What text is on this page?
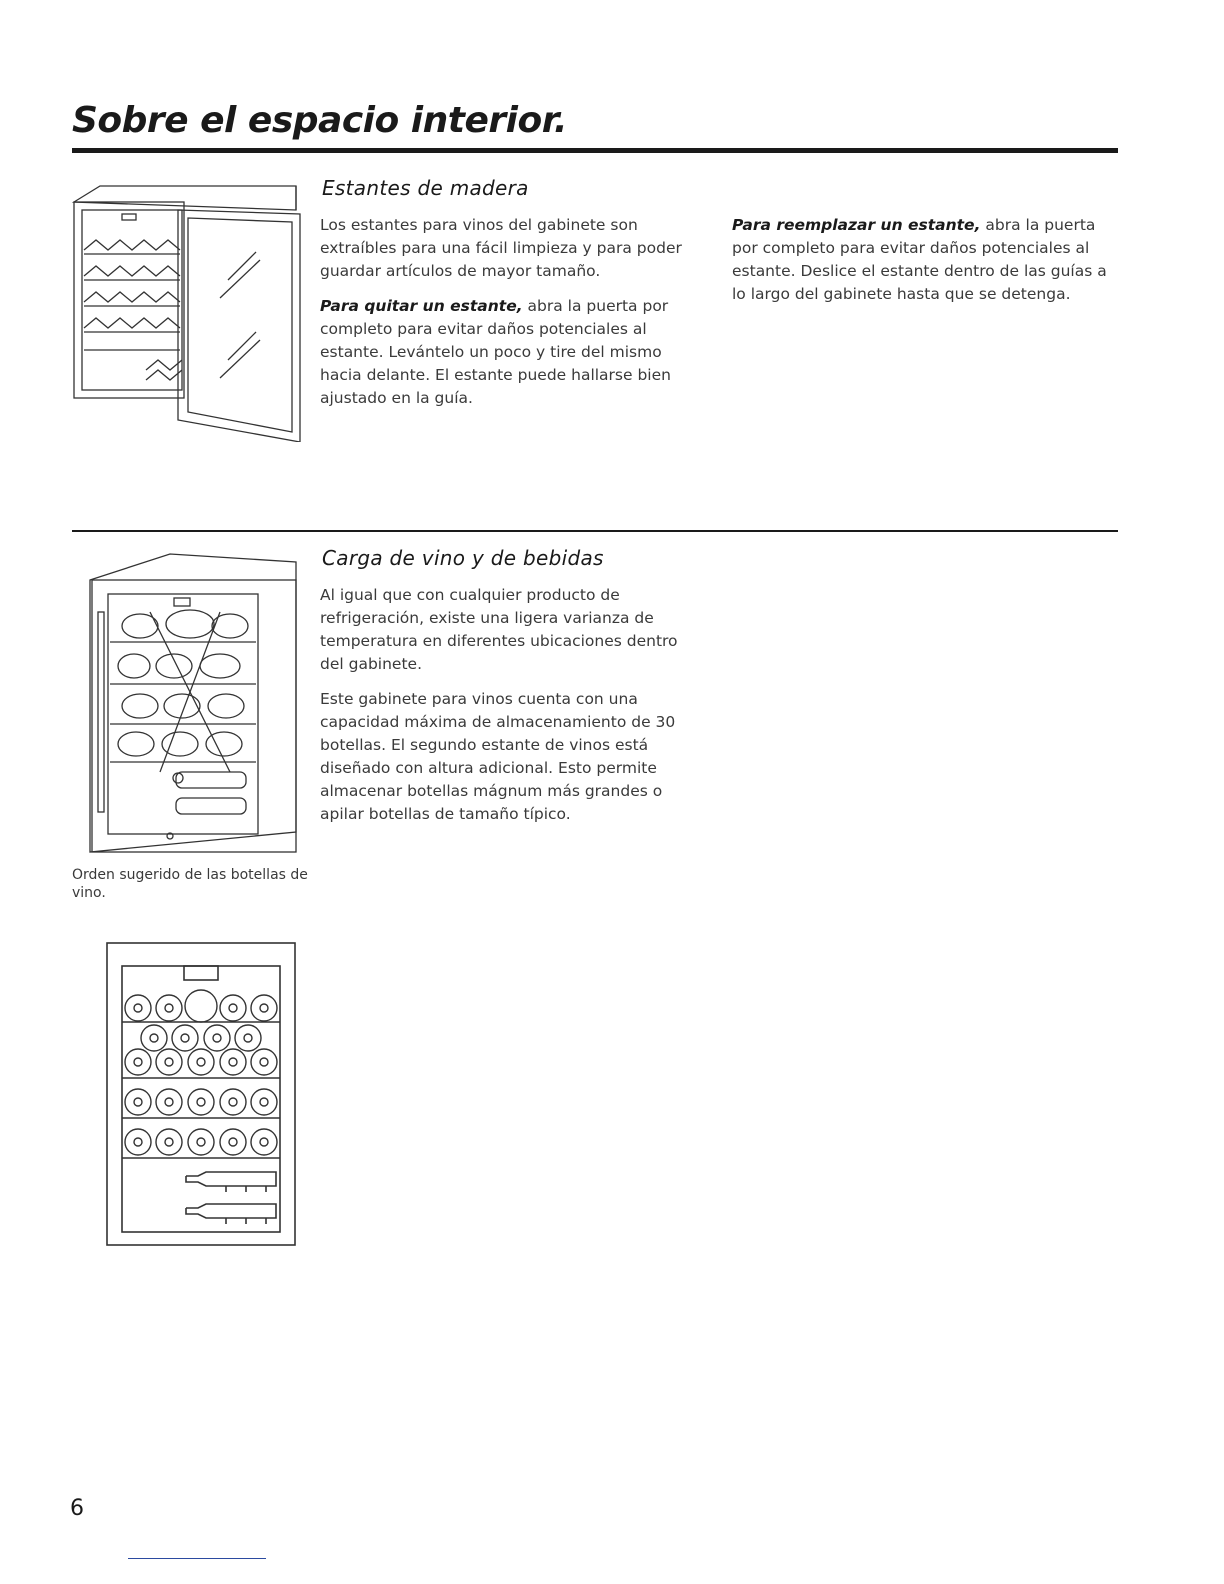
Sobre el espacio interior.
Estantes de madera

Los estantes para vinos del gabinete son extraíbles para una fácil limpieza y para poder guardar artículos de mayor tamaño.

Para quitar un estante, abra la puerta por completo para evitar daños potenciales al estante. Levántelo un poco y tire del mismo hacia delante. El estante puede hallarse bien ajustado en la guía.

Para reemplazar un estante, abra la puerta por completo para evitar daños potenciales al estante. Deslice el estante dentro de las guías a lo largo del gabinete hasta que se detenga.

Carga de vino y de bebidas

Al igual que con cualquier producto de refrigeración, existe una ligera varianza de temperatura en diferentes ubicaciones dentro del gabinete.

Este gabinete para vinos cuenta con una capacidad máxima de almacenamiento de 30 botellas. El segundo estante de vinos está diseñado con altura adicional. Esto permite almacenar botellas mágnum más grandes o apilar botellas de tamaño típico.

Orden sugerido de las botellas de vino.

6
